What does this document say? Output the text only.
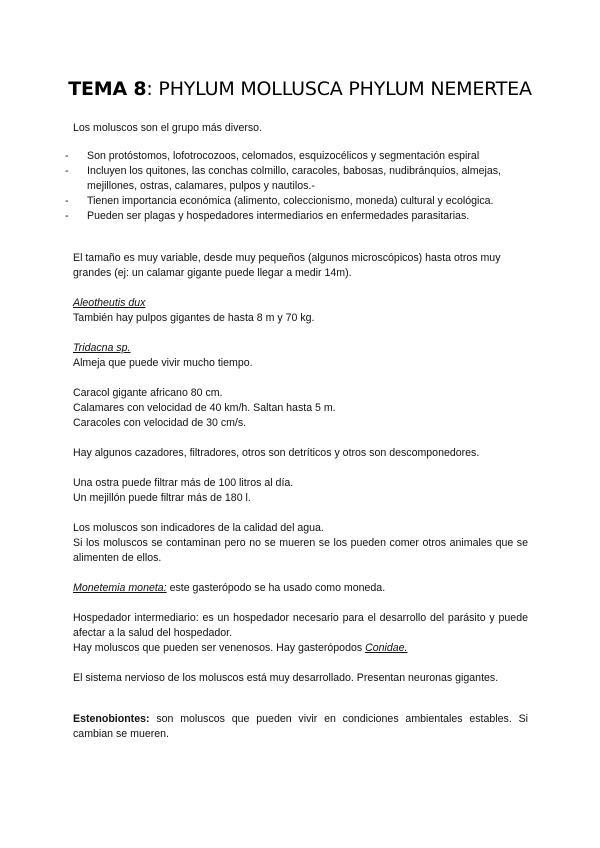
TEMA 8: PHYLUM MOLLUSCA PHYLUM NEMERTEA

Los moluscos son el grupo más diverso.

- Son protóstomos, lofotrocozoos, celomados, esquizocélicos y segmentación espiral
- Incluyen los quitones, las conchas colmillo, caracoles, babosas, nudibránquios, almejas, mejillones, ostras, calamares, pulpos y nautilos.-
- Tienen importancia económica (alimento, coleccionismo, moneda) cultural y ecológica.
- Pueden ser plagas y hospedadores intermediarios en enfermedades parasitarias.

El tamaño es muy variable, desde muy pequeños (algunos microscópicos) hasta otros muy grandes (ej: un calamar gigante puede llegar a medir 14m).

Aleotheutis dux

También hay pulpos gigantes de hasta 8 m y 70 kg.

Tridacna sp.

Almeja que puede vivir mucho tiempo.

Caracol gigante africano 80 cm.

Calamares con velocidad de 40 km/h. Saltan hasta 5 m.

Caracoles con velocidad de 30 cm/s.

Hay algunos cazadores, filtradores, otros son detríticos y otros son descomponedores.

Una ostra puede filtrar más de 100 litros al día.

Un mejillón puede filtrar más de 180 l.

Los moluscos son indicadores de la calidad del agua.

Si los moluscos se contaminan pero no se mueren se los pueden comer otros animales que se alimenten de ellos.

Monetemia moneta: este gasterópodo se ha usado como moneda.

Hospedador intermediario: es un hospedador necesario para el desarrollo del parásito y puede afectar a la salud del hospedador.

Hay moluscos que pueden ser venenosos. Hay gasterópodos Conidae.

El sistema nervioso de los moluscos está muy desarrollado. Presentan neuronas gigantes.

Estenobiontes: son moluscos que pueden vivir en condiciones ambientales estables. Si cambian se mueren.
